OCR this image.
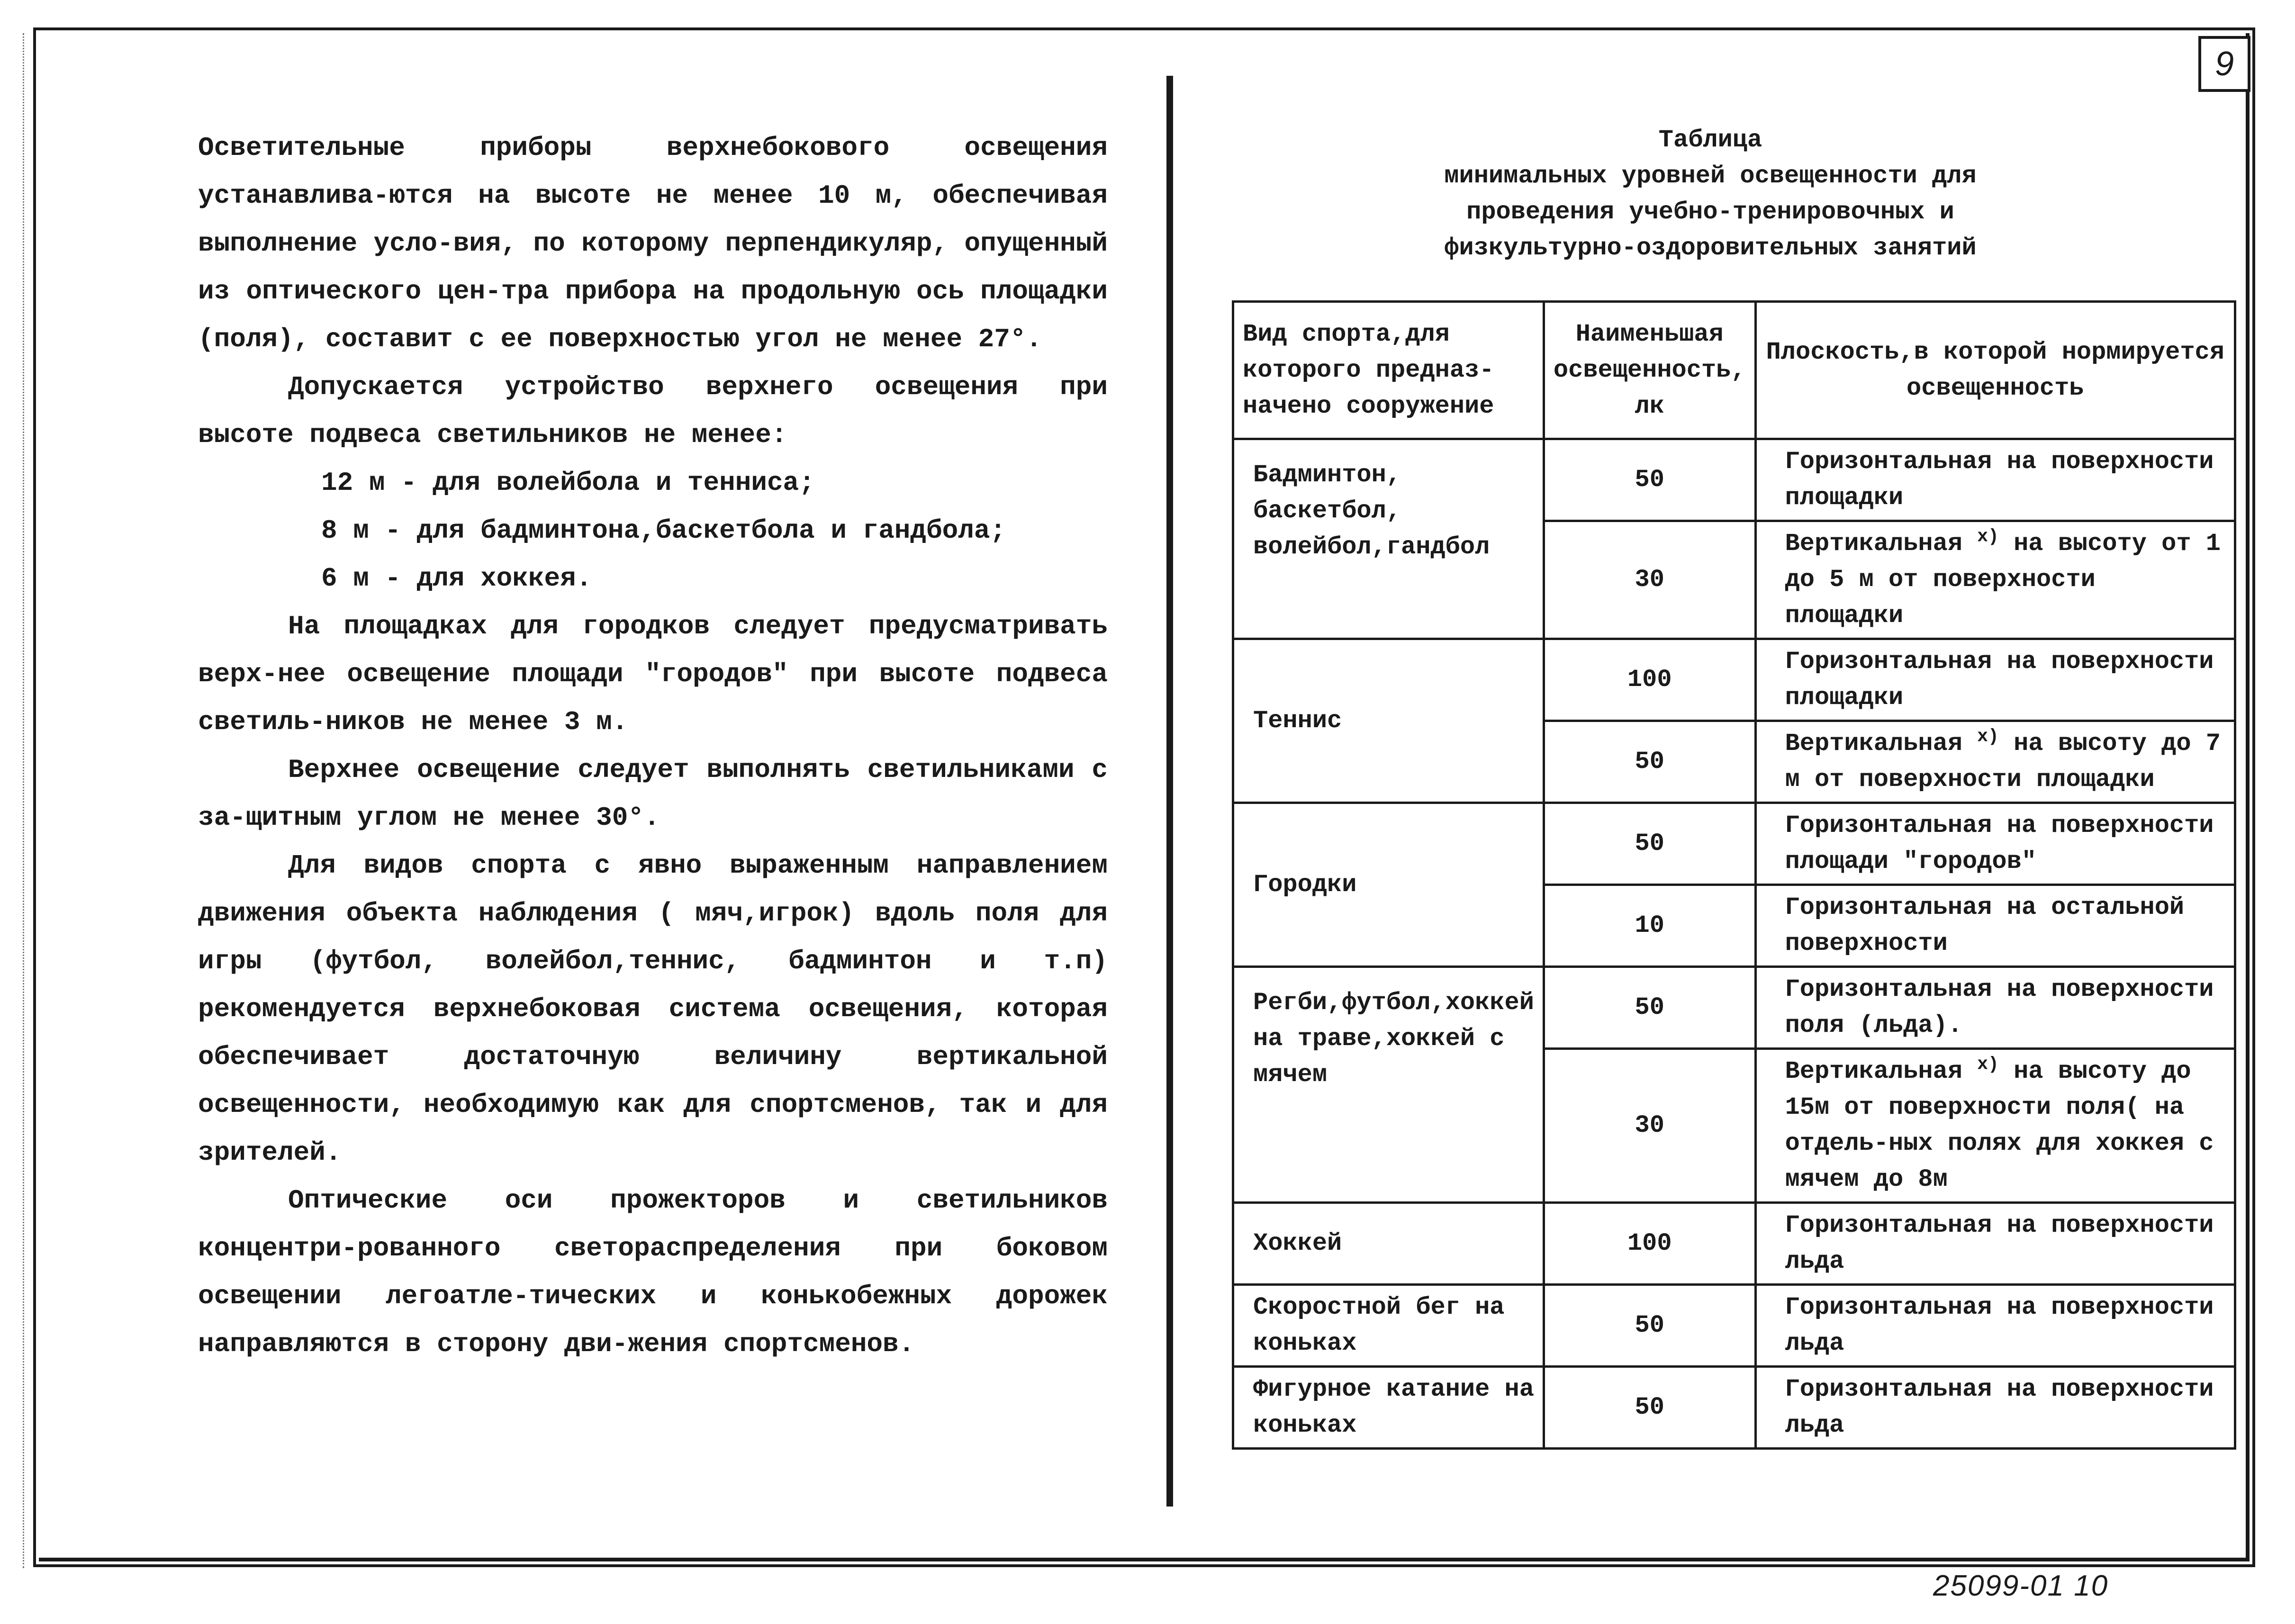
9

Осветительные приборы верхнебокового освещения устанавлива-ются на высоте не менее 10 м, обеспечивая выполнение усло-вия, по которому перпендикуляр, опущенный из оптического цен-тра прибора на продольную ось площадки (поля), составит с ее поверхностью угол не менее 27°.

Допускается устройство верхнего освещения при высоте подвеса светильников не менее:

12 м - для волейбола и тенниса;

8 м - для бадминтона,баскетбола и гандбола;

6 м - для хоккея.

На площадках для городков следует предусматривать верх-нее освещение площади "городов" при высоте подвеса светиль-ников не менее 3 м.

Верхнее освещение следует выполнять светильниками с за-щитным углом не менее 30°.

Для видов спорта с явно выраженным направлением движения объекта наблюдения ( мяч,игрок) вдоль поля для игры (футбол, волейбол,теннис, бадминтон и т.п) рекомендуется верхнебоковая система освещения, которая обеспечивает достаточную величину вертикальной освещенности, необходимую как для спортсменов, так и для зрителей.

Оптические оси прожекторов и светильников концентри-рованного светораспределения при боковом освещении легоатле-тических и конькобежных дорожек направляются в сторону дви-жения спортсменов.

Таблица
минимальных уровней освещенности для
проведения учебно-тренировочных и
физкультурно-оздоровительных занятий
Вид спорта,для которого предназ-начено сооружение	Наименьшая освещенность, лк	Плоскость,в которой нормируется освещенность
Бадминтон, баскетбол, волейбол,гандбол	50	Горизонтальная на поверхности площадки
	30	Вертикальная $^{x)}$ на высоту от 1 до 5 м от поверхности площадки
Теннис	100	Горизонтальная на поверхности площадки
	50	Вертикальная $^{x)}$ на высоту до 7 м от поверхности площадки
Городки	50	Горизонтальная на поверхности площади "городов"
	10	Горизонтальная на остальной поверхности
Регби,футбол,хоккей на траве,хоккей с мячем	50	Горизонтальная на поверхности поля (льда).
	30	Вертикальная $^{x)}$ на высоту до 15м от поверхности поля( на отдель-ных полях для хоккея с мячем до 8м
Хоккей	100	Горизонтальная на поверхности льда
Скоростной бег на коньках	50	Горизонтальная на поверхности льда
Фигурное катание на коньках	50	Горизонтальная на поверхности льда
25099-01 10
